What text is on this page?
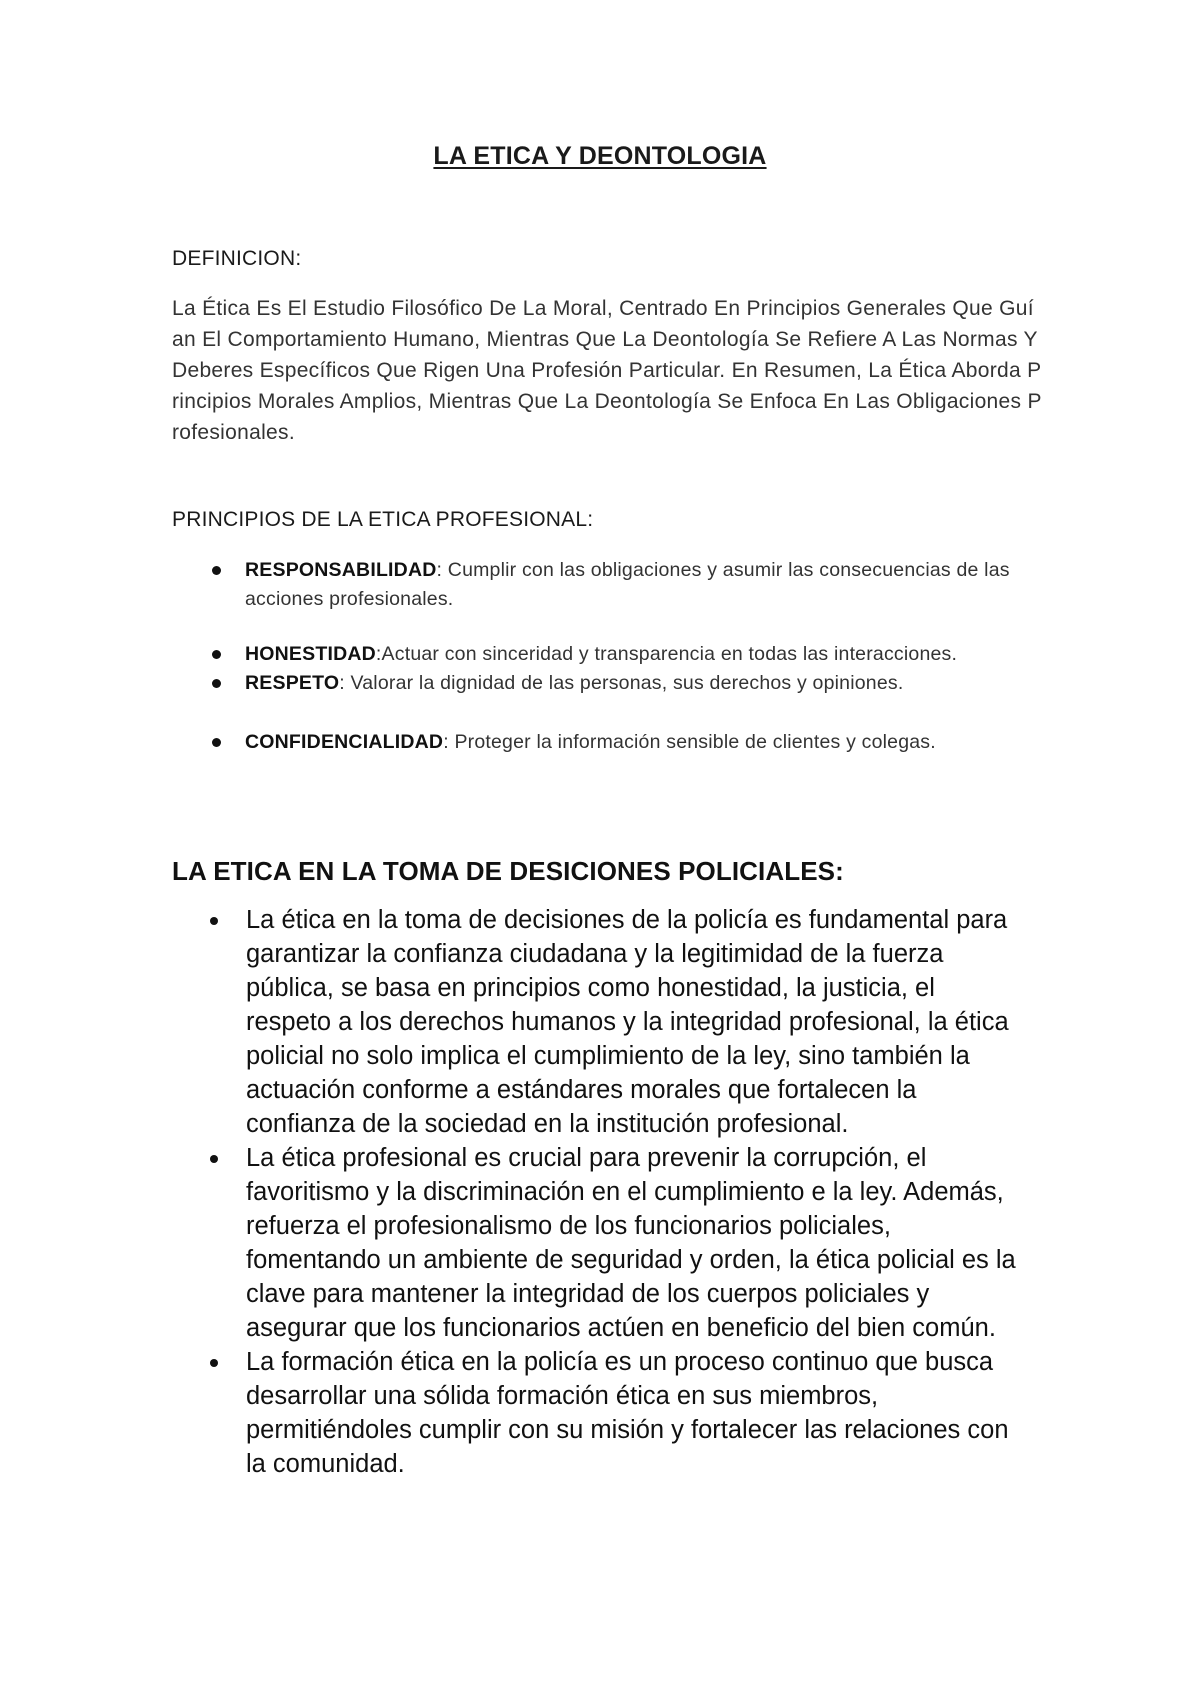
LA ETICA Y DEONTOLOGIA
DEFINICION:

La Ética Es El Estudio Filosófico De La Moral, Centrado En Principios Generales Que Guían El Comportamiento Humano, Mientras Que La Deontología Se Refiere A Las Normas Y Deberes Específicos Que Rigen Una Profesión Particular. En Resumen, La Ética Aborda Principios Morales Amplios, Mientras Que La Deontología Se Enfoca En Las Obligaciones Profesionales.

PRINCIPIOS DE LA ETICA PROFESIONAL:
RESPONSABILIDAD: Cumplir con las obligaciones y asumir las consecuencias de las acciones profesionales.
HONESTIDAD:Actuar con sinceridad y transparencia en todas las interacciones.
RESPETO: Valorar la dignidad de las personas, sus derechos y opiniones.
CONFIDENCIALIDAD: Proteger la información sensible de clientes y colegas.
LA ETICA EN LA TOMA DE DESICIONES POLICIALES:
La ética en la toma de decisiones de la policía es fundamental para garantizar la confianza ciudadana y la legitimidad de la fuerza pública, se basa en principios como honestidad, la justicia, el respeto a los derechos humanos y la integridad profesional, la ética policial no solo implica el cumplimiento de la ley, sino también la actuación conforme a estándares morales que fortalecen la confianza de la sociedad en la institución profesional.
La ética profesional es crucial para prevenir la corrupción, el favoritismo y la discriminación en el cumplimiento e la ley. Además, refuerza el profesionalismo de los funcionarios policiales, fomentando un ambiente de seguridad y orden, la ética policial es la clave para mantener la integridad de los cuerpos policiales y asegurar que los funcionarios actúen en beneficio del bien común.
La formación ética en la policía es un proceso continuo que busca desarrollar una sólida formación ética en sus miembros, permitiéndoles cumplir con su misión y fortalecer las relaciones con la comunidad.
